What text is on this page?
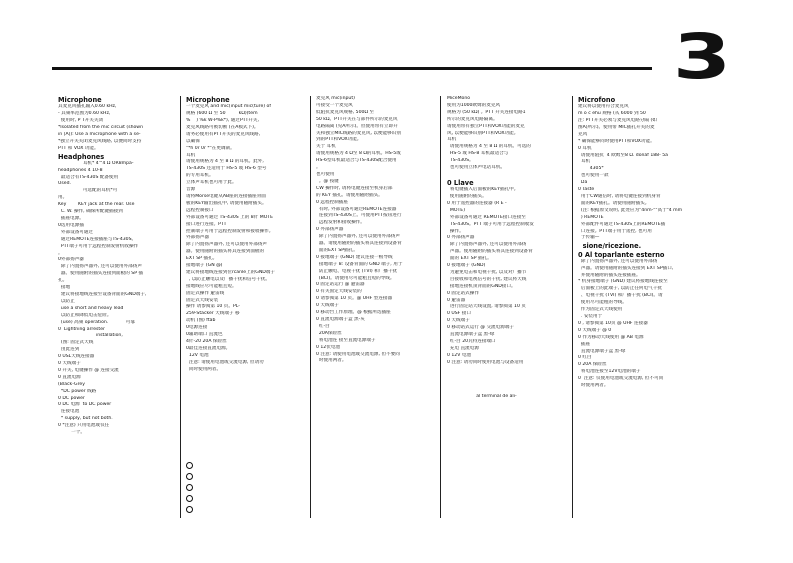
3
Microphone
其麦克风插孔输入0.60 kHz,
- 其频率范围为0.60 kHz,
使用时, P T开关关闭
*Isolated from the mic circuit (shown
in [A]): Use a microphone with a se-
*独立开关关闭麦克风线路, 以便同时支持
PTT 和 VOX 功能。
Headphones
耳机* 4^4 Ω OR8mpa-
headphones 4 10-8
最适合有TS-430S 配备使用
Used.
可选配的耳机*可
用。
Key        KEY jack at the rear. Use
C. W. 操作, 确保所配键插接到
插座电源。
0选用电源插
外部设备可通过
通过REMOTE连接插座与TS-430S。
PTT端子可用于远程控制发射机收操作
。
0外部扬声器
除了内置扬声器外, 还可以使用外部扬声
器。使用随附的插头连接到面板的 SP 插
孔。
接地
建议将接地线连接至设备背面的GND端子,
以防止
use a short and heavy lead
以防止和降低电击危险。
(use) 高频 operation.            可靠
0  Lightning arrester
installation,
(图: 固定式天线
由此连到
0 USL天线连接器
0 天线端子
0 开关, 电键操作 @ 连接交流
0 直流电源
(Black-Grey
*DC power 线路
0 DC power
0 DC 电源  to DC power
连接电池
* supply, but not both.
0 *注意) 只用电池或仅任
一个。
Microphone
一个麦克风 and mic(input mic(ture) of
规格 (600 Ω 至 50         kΩ)(tem
%    ) %k W-P%k*), 通过PTT开关,
麦克风线路可被切断 (在A模式下)。
请务必使用有PTT开关的麦克风线路,
以确保
"*h 0r 0r *"在更调制。
耳机
请使用规格为 4 至 8 Ω 的耳机。此外,
TS-430S 还适用于 HS-5 或 HS-6 型号
的专用耳机。
立体声耳机也可用于此。
音源
请将Morse电键从AB座的连接插座背面
板的KEY输出插孔中, 请使用随附插头。
远程控制接口
外部设备可通过 TS-430S 上的 8针 MOTE
接口进行连接。PTT
控制端子可用于远程控制发射和接收操作。
外部扬声器
除了内置扬声器外, 还可以使用外部扬声
器。使用随附的插头将其连接到面板的
EXT SP 插孔。
接地端子 (GN @)
建议将接地线连接到位rcanle上的GND端子
, 以防止触电以及广播干扰和信号干扰。
接地线应尽可能粗且短。
固定式操作 避雷线
固定式天线安装
操作 请参阅第 10 页。PL-
259-Stacker 天线端子 移
动机 (图) ftab
0电源连接
0辅助端口 直流色
4针-20 20A 保险丝
0最佳连接直流电源。
12V 电池
注意: 请使用电池或交流电源, 但请勿
同时使用两者。
麦克风 mic(input)
可接受一个麦克风
低阻抗麦克风规格, 500Ω 至
50 kΩ。PTT开关在与部件所示的麦克风
电路隔离 (见A所示)。但使用带有立即开
关和独立MIC线路的麦克风, 以便能够识别
到的PTT和VOX功能。
关于 耳机
请使用规格为 4 Ω至 8 Ω的耳机。HS-5或
HS-6型耳机最适合与TS-430S配合使用
。
也可使用
。@ 按键
CW 操作时, 请将电键连接至机身后部
的 KEY 插孔。请使用随附插头。
0 远程控制插座
有时, 外部设备可通过REMOTE连接器
连接到TS-430S上。可使用PTT按钮进行
远程发射和接收操作。
0 外部扬声器
除了内置扬声器外, 还可以使用外部扬声
器。请使用随附的插头将其连接到设备背
面的EXT SP插孔。
0 接地端子 (GND) 建议连接一根导线
接地端子 8: 设备背面的 GND 端子, 用于
防止触电、电视干扰 (TVI) 和广播干扰
(BCI)。请使用尽可能粗且短的导线。
0 固定站运行 @ 避雷器
0 有关固定天线安装的
0 请参阅第 10 页。@ UHF 型连接器
0 天线端子
0 移动台工作原理。@ 根据所选插座
0 直流电源端子盒 黑-灰
红-白
20A保险丝
将电池连 接至直流电源端子
0 12伏电池
0 注意: 请使用电池或交流电源, 但不要同
时使用两者。
MiceMono
使用为1000欧姆的麦克风
规格为 (50 kΩ) 。PTT 开关连接电路1
所示的麦克风电路隔离。
请使用带有独立PTT和VOX功能的麦克
风, 以便能够识别PTT和VOX功能。
耳机
请使用规格为 4 至 8 Ω 的耳机。可选的
HS-5 或 HS-8 耳机最适合与
TS-430S。
也可使用立体声电话耳机。
0 Llave
将电键插入后面板的KEY插孔中。
使用随附的插头。
0 用于遥控器的连接器 (R E -
MOTE)
外部设备可通过 REMOTE接口连接至
TS-430S。PTT 端子可用于远程控制收发
操作。
0 外部扬声器
除了内置扬声器外, 还可以使用外部扬
声器。使用随附的插头将其连接到设备背
面的 EXT SP 插孔。
0 接地端子 (GND)
为避免电击和电视干扰, 以及对广播节
目接收和电视信号的干扰, 建议将天线
接地连接机顶背面的GND接口。
0 固定站式操作
0 避雷器
进行固定站天线设置, 请参阅第 10 页
0 USF 接口
0 天线端子
0 移动站式运行 @ 交流电源端子
直流电源端子盒 黑-绿
红-白 20瓦特连接端口
充电 直流电源
0 12V 电池
0 注意: 请勿同时使用电池与设备适用
al terminal de ali-
Microfono
建议将以使用符合麦克风
m o c ehu 规格 (从 6000 到 50
注: PTT开关必须与麦克风电路分隔 (如
图A)所示)。使用带 MIC插孔开关的麦
克风
* 确保能够同时使用PTT和VOX功能。
0 耳机
请使用阻抗  4 欧姆至8 Ω. donaf 188- 5a
耳机
4305*
也可使用一款
Da
0 Taste
用于CW通信时, 请将电键连接到机身背
面的KEY插孔。请使用随附插头。
(注: 根据原文说明, 此处应为"4nm-""高于"4 mm
) REMOTE
外部配件可通过TS-430S上的REMOTE插
口连接。PTT端子用于遥控, 也可用
于传输—
sione/ricezione.
0 Al toparlante esterno
除了内置扬声器外, 还可以使用外部扬
声器。请使用随附的插头连接到 EXT SP插口,
并使用随附的插头连接插座。
* 机身接地端子 (GND) 建议将接地线连接至
后面板上的此端子, 以防止任何电气干扰
、电视干扰 (TVI) 和广播干扰 (BCI)。请
使用尽可能粗的导线。
作为固定式天线使用
. 安装用于
0 , 请参阅第 10页 @ UHF 连接器
0 天线端子 @ 0
0 作为移动天线使用 @ AB 电源
插座
直流电源端子盒 黑-绿
0 红白
0 20A 保险丝
将电池连接至12V电池的端子
0  注意: 仅使用电池或交流电源, 但不可同
时使用两者。
